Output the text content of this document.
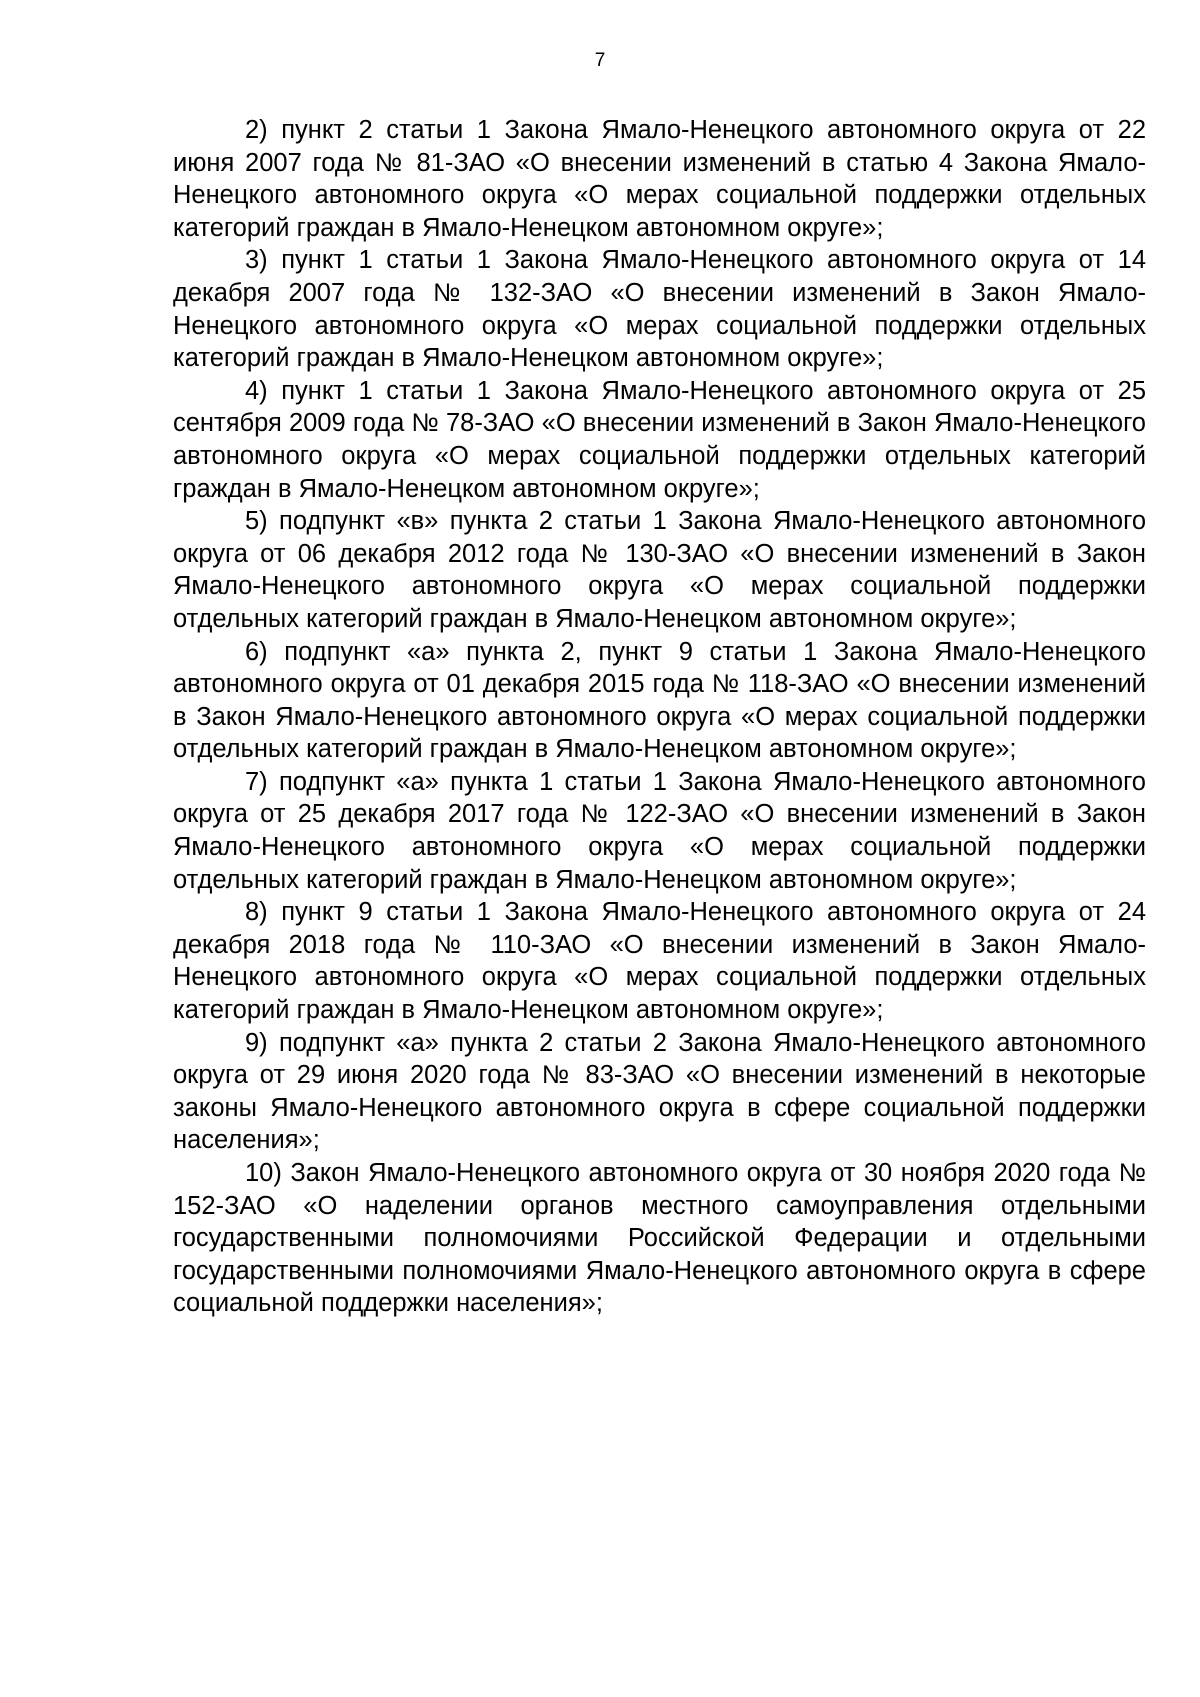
7

2) пункт 2 статьи 1 Закона Ямало-Ненецкого автономного округа от 22 июня 2007 года № 81-ЗАО «О внесении изменений в статью 4 Закона Ямало-Ненецкого автономного округа «О мерах социальной поддержки отдельных категорий граждан в Ямало-Ненецком автономном округе»;

3) пункт 1 статьи 1 Закона Ямало-Ненецкого автономного округа от 14 декабря 2007 года № 132-ЗАО «О внесении изменений в Закон Ямало-Ненецкого автономного округа «О мерах социальной поддержки отдельных категорий граждан в Ямало-Ненецком автономном округе»;

4) пункт 1 статьи 1 Закона Ямало-Ненецкого автономного округа от 25 сентября 2009 года № 78-ЗАО «О внесении изменений в Закон Ямало-Ненецкого автономного округа «О мерах социальной поддержки отдельных категорий граждан в Ямало-Ненецком автономном округе»;

5) подпункт «в» пункта 2 статьи 1 Закона Ямало-Ненецкого автономного округа от 06 декабря 2012 года № 130-ЗАО «О внесении изменений в Закон Ямало-Ненецкого автономного округа «О мерах социальной поддержки отдельных категорий граждан в Ямало-Ненецком автономном округе»;

6) подпункт «а» пункта 2, пункт 9 статьи 1 Закона Ямало-Ненецкого автономного округа от 01 декабря 2015 года № 118-ЗАО «О внесении изменений в Закон Ямало-Ненецкого автономного округа «О мерах социальной поддержки отдельных категорий граждан в Ямало-Ненецком автономном округе»;

7) подпункт «а» пункта 1 статьи 1 Закона Ямало-Ненецкого автономного округа от 25 декабря 2017 года № 122-ЗАО «О внесении изменений в Закон Ямало-Ненецкого автономного округа «О мерах социальной поддержки отдельных категорий граждан в Ямало-Ненецком автономном округе»;

8) пункт 9 статьи 1 Закона Ямало-Ненецкого автономного округа от 24 декабря 2018 года № 110-ЗАО «О внесении изменений в Закон Ямало-Ненецкого автономного округа «О мерах социальной поддержки отдельных категорий граждан в Ямало-Ненецком автономном округе»;

9) подпункт «а» пункта 2 статьи 2 Закона Ямало-Ненецкого автономного округа от 29 июня 2020 года № 83-ЗАО «О внесении изменений в некоторые законы Ямало-Ненецкого автономного округа в сфере социальной поддержки населения»;

10) Закон Ямало-Ненецкого автономного округа от 30 ноября 2020 года № 152-ЗАО «О наделении органов местного самоуправления отдельными государственными полномочиями Российской Федерации и отдельными государственными полномочиями Ямало-Ненецкого автономного округа в сфере социальной поддержки населения»;
